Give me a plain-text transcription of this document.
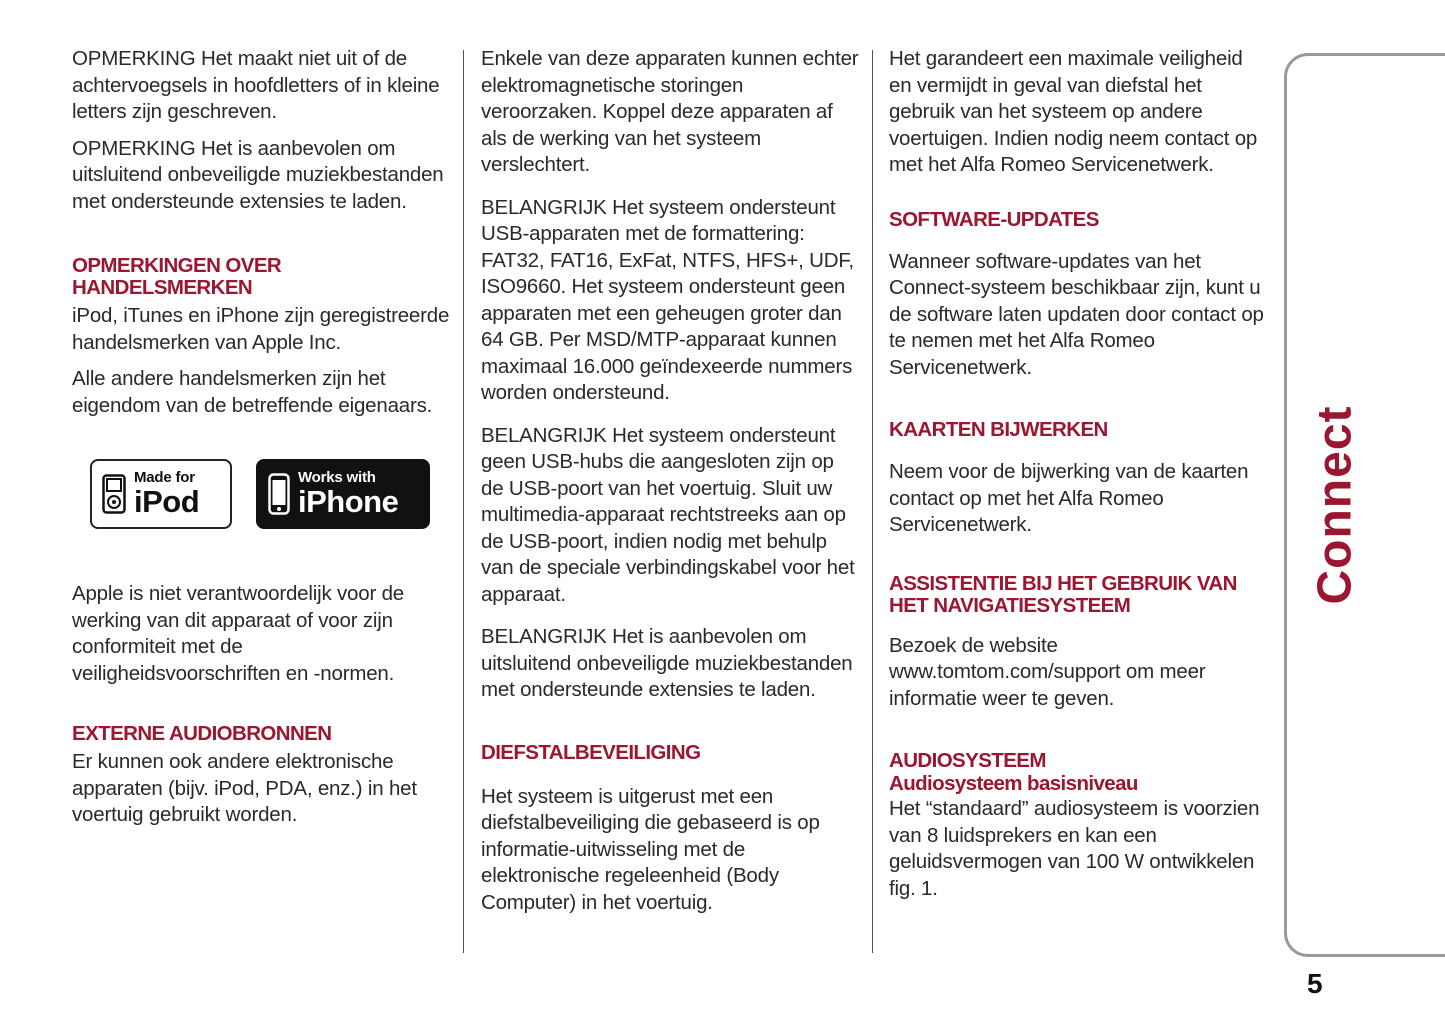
OPMERKING Het maakt niet uit of de achtervoegsels in hoofdletters of in kleine letters zijn geschreven.

OPMERKING Het is aanbevolen om uitsluitend onbeveiligde muziekbestanden met ondersteunde extensies te laden.

OPMERKINGEN OVER HANDELSMERKEN

iPod, iTunes en iPhone zijn geregistreerde handelsmerken van Apple Inc.

Alle andere handelsmerken zijn het eigendom van de betreffende eigenaars.

Made for
iPod
Works with
iPhone

Apple is niet verantwoordelijk voor de werking van dit apparaat of voor zijn conformiteit met de veiligheidsvoorschriften en -normen.

EXTERNE AUDIOBRONNEN

Er kunnen ook andere elektronische apparaten (bijv. iPod, PDA, enz.) in het voertuig gebruikt worden.

Enkele van deze apparaten kunnen echter elektromagnetische storingen veroorzaken. Koppel deze apparaten af als de werking van het systeem verslechtert.

BELANGRIJK Het systeem ondersteunt USB-apparaten met de formattering: FAT32, FAT16, ExFat, NTFS, HFS+, UDF, ISO9660. Het systeem ondersteunt geen apparaten met een geheugen groter dan 64 GB. Per MSD/MTP-apparaat kunnen maximaal 16.000 geïndexeerde nummers worden ondersteund.

BELANGRIJK Het systeem ondersteunt geen USB-hubs die aangesloten zijn op de USB-poort van het voertuig. Sluit uw multimedia-apparaat rechtstreeks aan op de USB-poort, indien nodig met behulp van de speciale verbindingskabel voor het apparaat.

BELANGRIJK Het is aanbevolen om uitsluitend onbeveiligde muziekbestanden met ondersteunde extensies te laden.

DIEFSTALBEVEILIGING

Het systeem is uitgerust met een diefstalbeveiliging die gebaseerd is op informatie-uitwisseling met de elektronische regeleenheid (Body Computer) in het voertuig.

Het garandeert een maximale veiligheid en vermijdt in geval van diefstal het gebruik van het systeem op andere voertuigen. Indien nodig neem contact op met het Alfa Romeo Servicenetwerk.

SOFTWARE-UPDATES

Wanneer software-updates van het Connect-systeem beschikbaar zijn, kunt u de software laten updaten door contact op te nemen met het Alfa Romeo Servicenetwerk.

KAARTEN BIJWERKEN

Neem voor de bijwerking van de kaarten contact op met het Alfa Romeo Servicenetwerk.

ASSISTENTIE BIJ HET GEBRUIK VAN HET NAVIGATIESYSTEEM

Bezoek de website www.tomtom.com/support om meer informatie weer te geven.

AUDIOSYSTEEM
Audiosysteem basisniveau

Het “standaard” audiosysteem is voorzien van 8 luidsprekers en kan een geluidsvermogen van 100 W ontwikkelen fig. 1.

Connect
5
